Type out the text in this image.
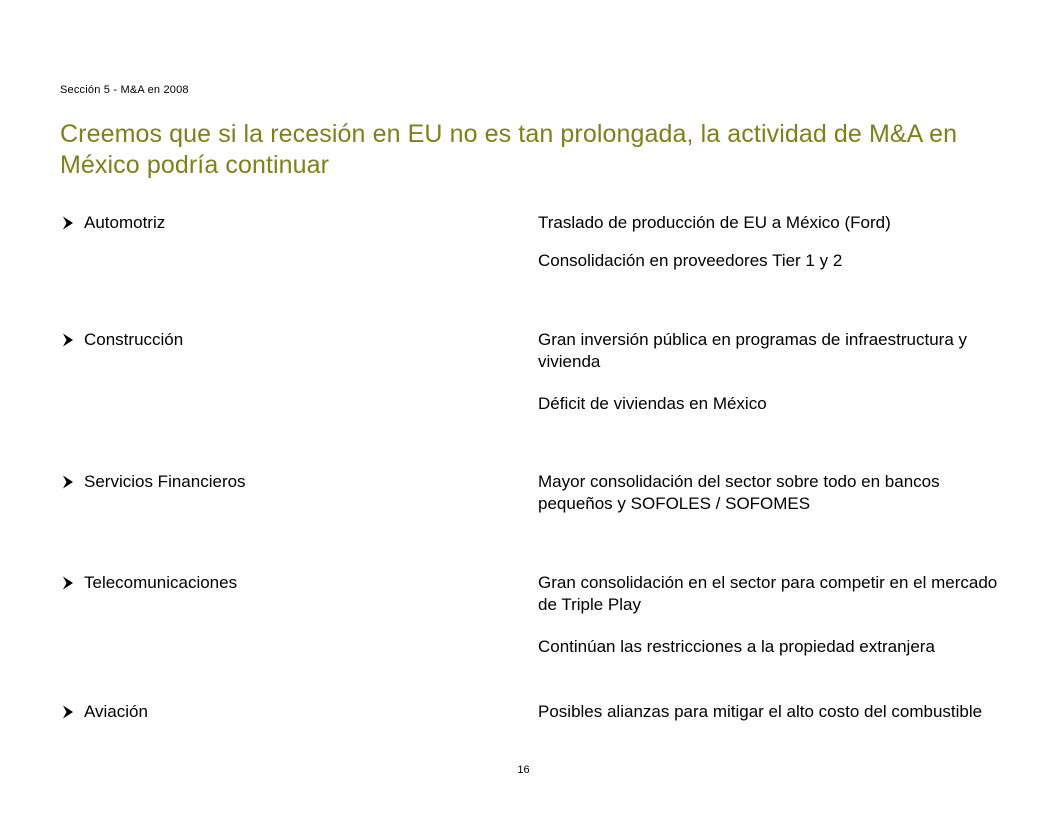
Sección 5 - M&A en 2008
Creemos que si la recesión en EU no es tan prolongada, la actividad de M&A en México podría continuar
Automotriz	Traslado de producción de EU a México (Ford)
Consolidación en proveedores Tier 1 y 2
Construcción	Gran inversión pública en programas de infraestructura y vivienda
Déficit de viviendas en México
Servicios Financieros	Mayor consolidación del sector sobre todo en bancos pequeños y SOFOLES / SOFOMES
Telecomunicaciones	Gran consolidación en el sector para competir en el mercado de Triple Play
Continúan las restricciones a la propiedad extranjera
Aviación	Posibles alianzas para mitigar el alto costo del combustible
16
